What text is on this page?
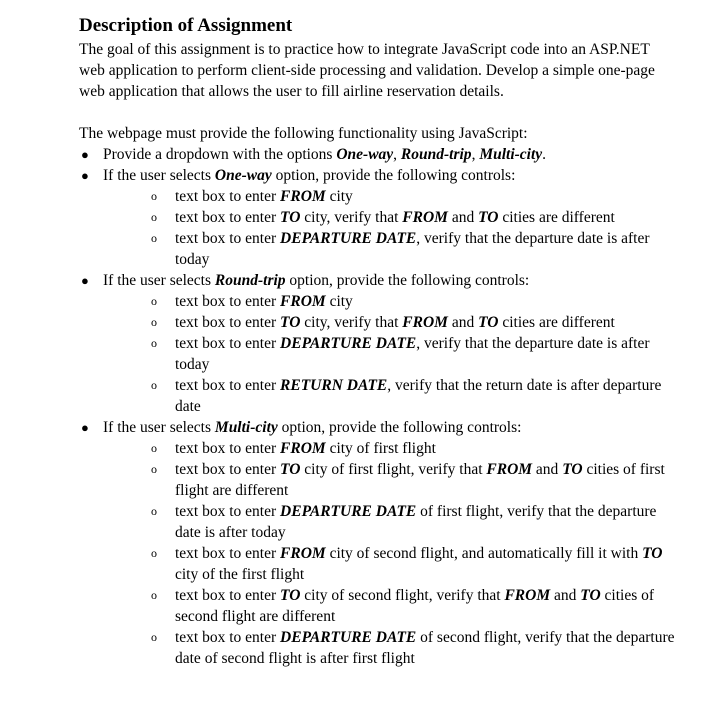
Description of Assignment

The goal of this assignment is to practice how to integrate JavaScript code into an ASP.NET web application to perform client-side processing and validation. Develop a simple one-page web application that allows the user to fill airline reservation details.

The webpage must provide the following functionality using JavaScript:

● Provide a dropdown with the options One-way, Round-trip, Multi-city.
● If the user selects One-way option, provide the following controls:
o text box to enter FROM city
o text box to enter TO city, verify that FROM and TO cities are different
o text box to enter DEPARTURE DATE, verify that the departure date is after today
● If the user selects Round-trip option, provide the following controls:
o text box to enter FROM city
o text box to enter TO city, verify that FROM and TO cities are different
o text box to enter DEPARTURE DATE, verify that the departure date is after today
o text box to enter RETURN DATE, verify that the return date is after departure date
● If the user selects Multi-city option, provide the following controls:
o text box to enter FROM city of first flight
o text box to enter TO city of first flight, verify that FROM and TO cities of first flight are different
o text box to enter DEPARTURE DATE of first flight, verify that the departure date is after today
o text box to enter FROM city of second flight, and automatically fill it with TO city of the first flight
o text box to enter TO city of second flight, verify that FROM and TO cities of second flight are different
o text box to enter DEPARTURE DATE of second flight, verify that the departure date of second flight is after first flight
